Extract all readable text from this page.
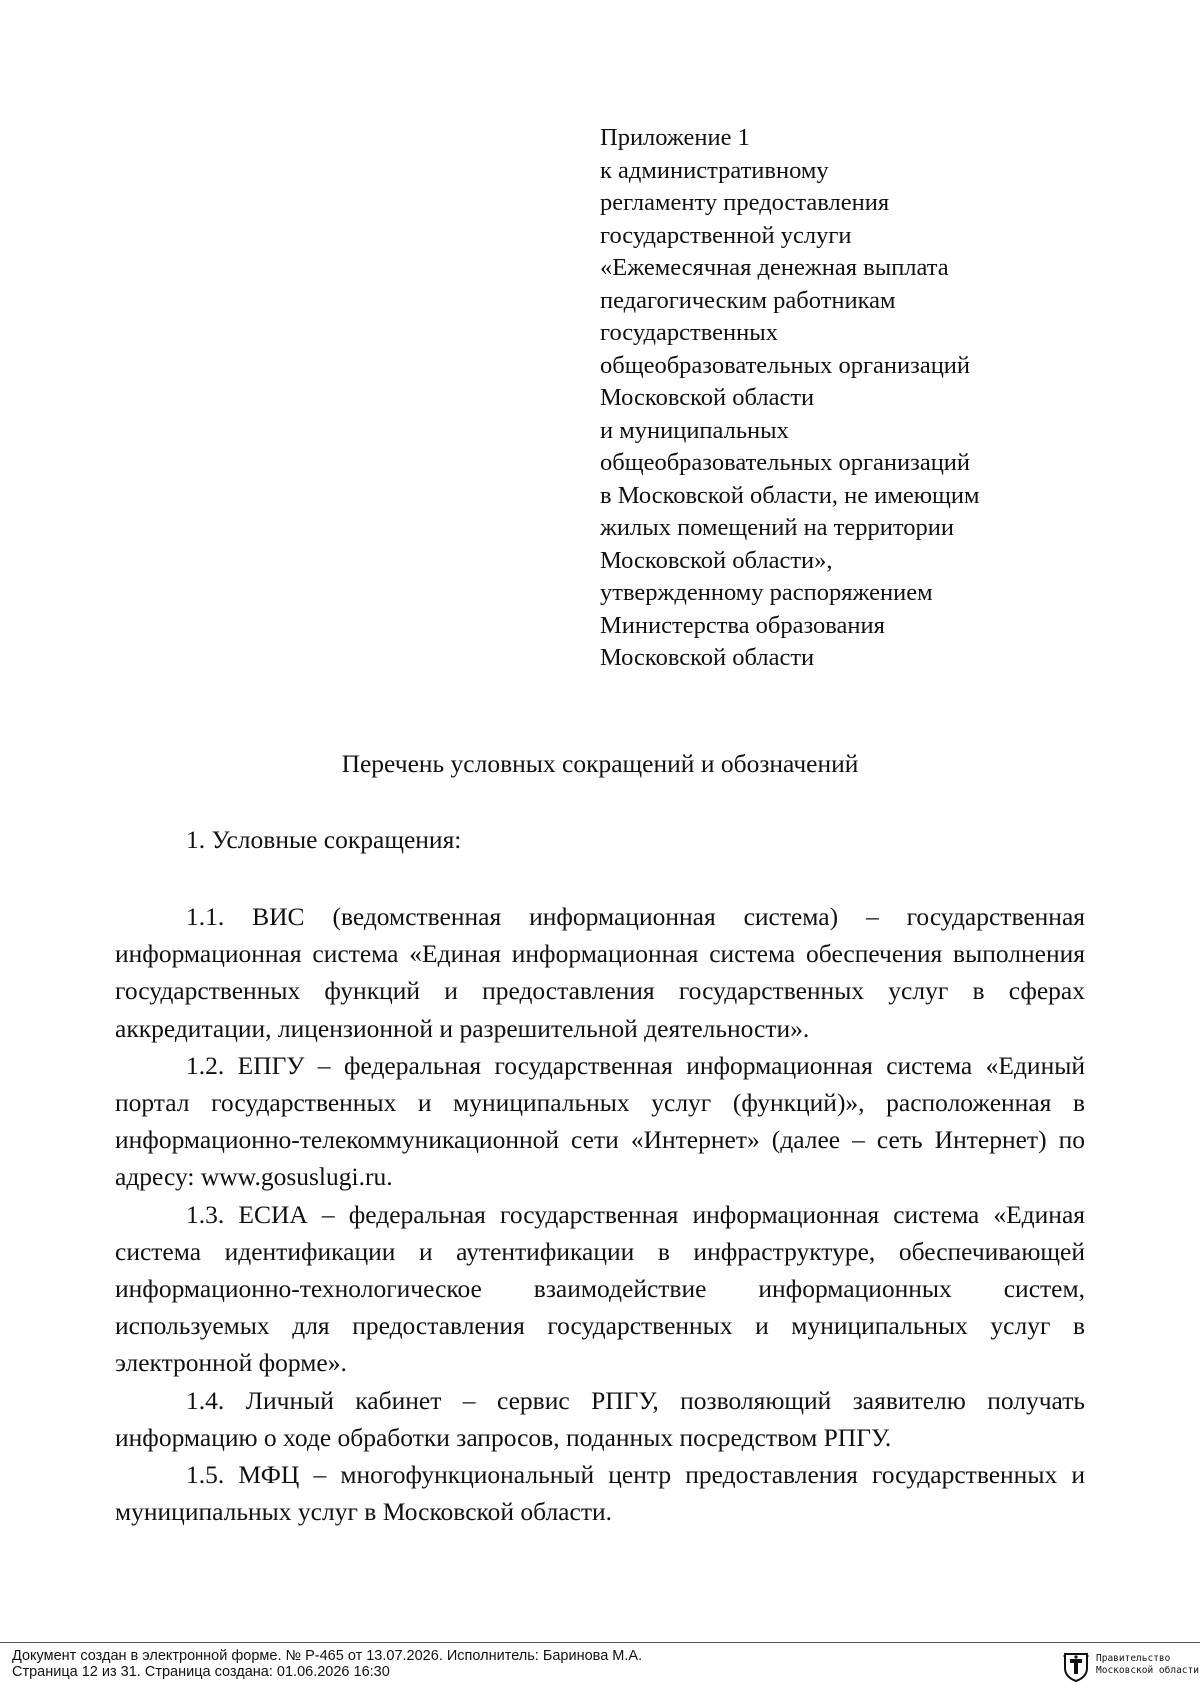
Приложение 1
к административному
регламенту предоставления
государственной услуги
«Ежемесячная денежная выплата
педагогическим работникам
государственных
общеобразовательных организаций
Московской области
и муниципальных
общеобразовательных организаций
в Московской области, не имеющим
жилых помещений на территории
Московской области»,
утвержденному распоряжением
Министерства образования
Московской области
Перечень условных сокращений и обозначений
1. Условные сокращения:

1.1. ВИС (ведомственная информационная система) – государственная информационная система «Единая информационная система обеспечения выполнения государственных функций и предоставления государственных услуг в сферах аккредитации, лицензионной и разрешительной деятельности».

1.2. ЕПГУ – федеральная государственная информационная система «Единый портал государственных и муниципальных услуг (функций)», расположенная в информационно-телекоммуникационной сети «Интернет» (далее – сеть Интернет) по адресу: www.gosuslugi.ru.

1.3. ЕСИА – федеральная государственная информационная система «Единая система идентификации и аутентификации в инфраструктуре, обеспечивающей информационно-технологическое взаимодействие информационных систем, используемых для предоставления государственных и муниципальных услуг в электронной форме».

1.4. Личный кабинет – сервис РПГУ, позволяющий заявителю получать информацию о ходе обработки запросов, поданных посредством РПГУ.

1.5. МФЦ – многофункциональный центр предоставления государственных и муниципальных услуг в Московской области.

Документ создан в электронной форме. № Р-465 от 13.07.2026. Исполнитель: Баринова М.А.
Страница 12 из 31. Страница создана: 01.06.2026 16:30
Правительство
Московской области
